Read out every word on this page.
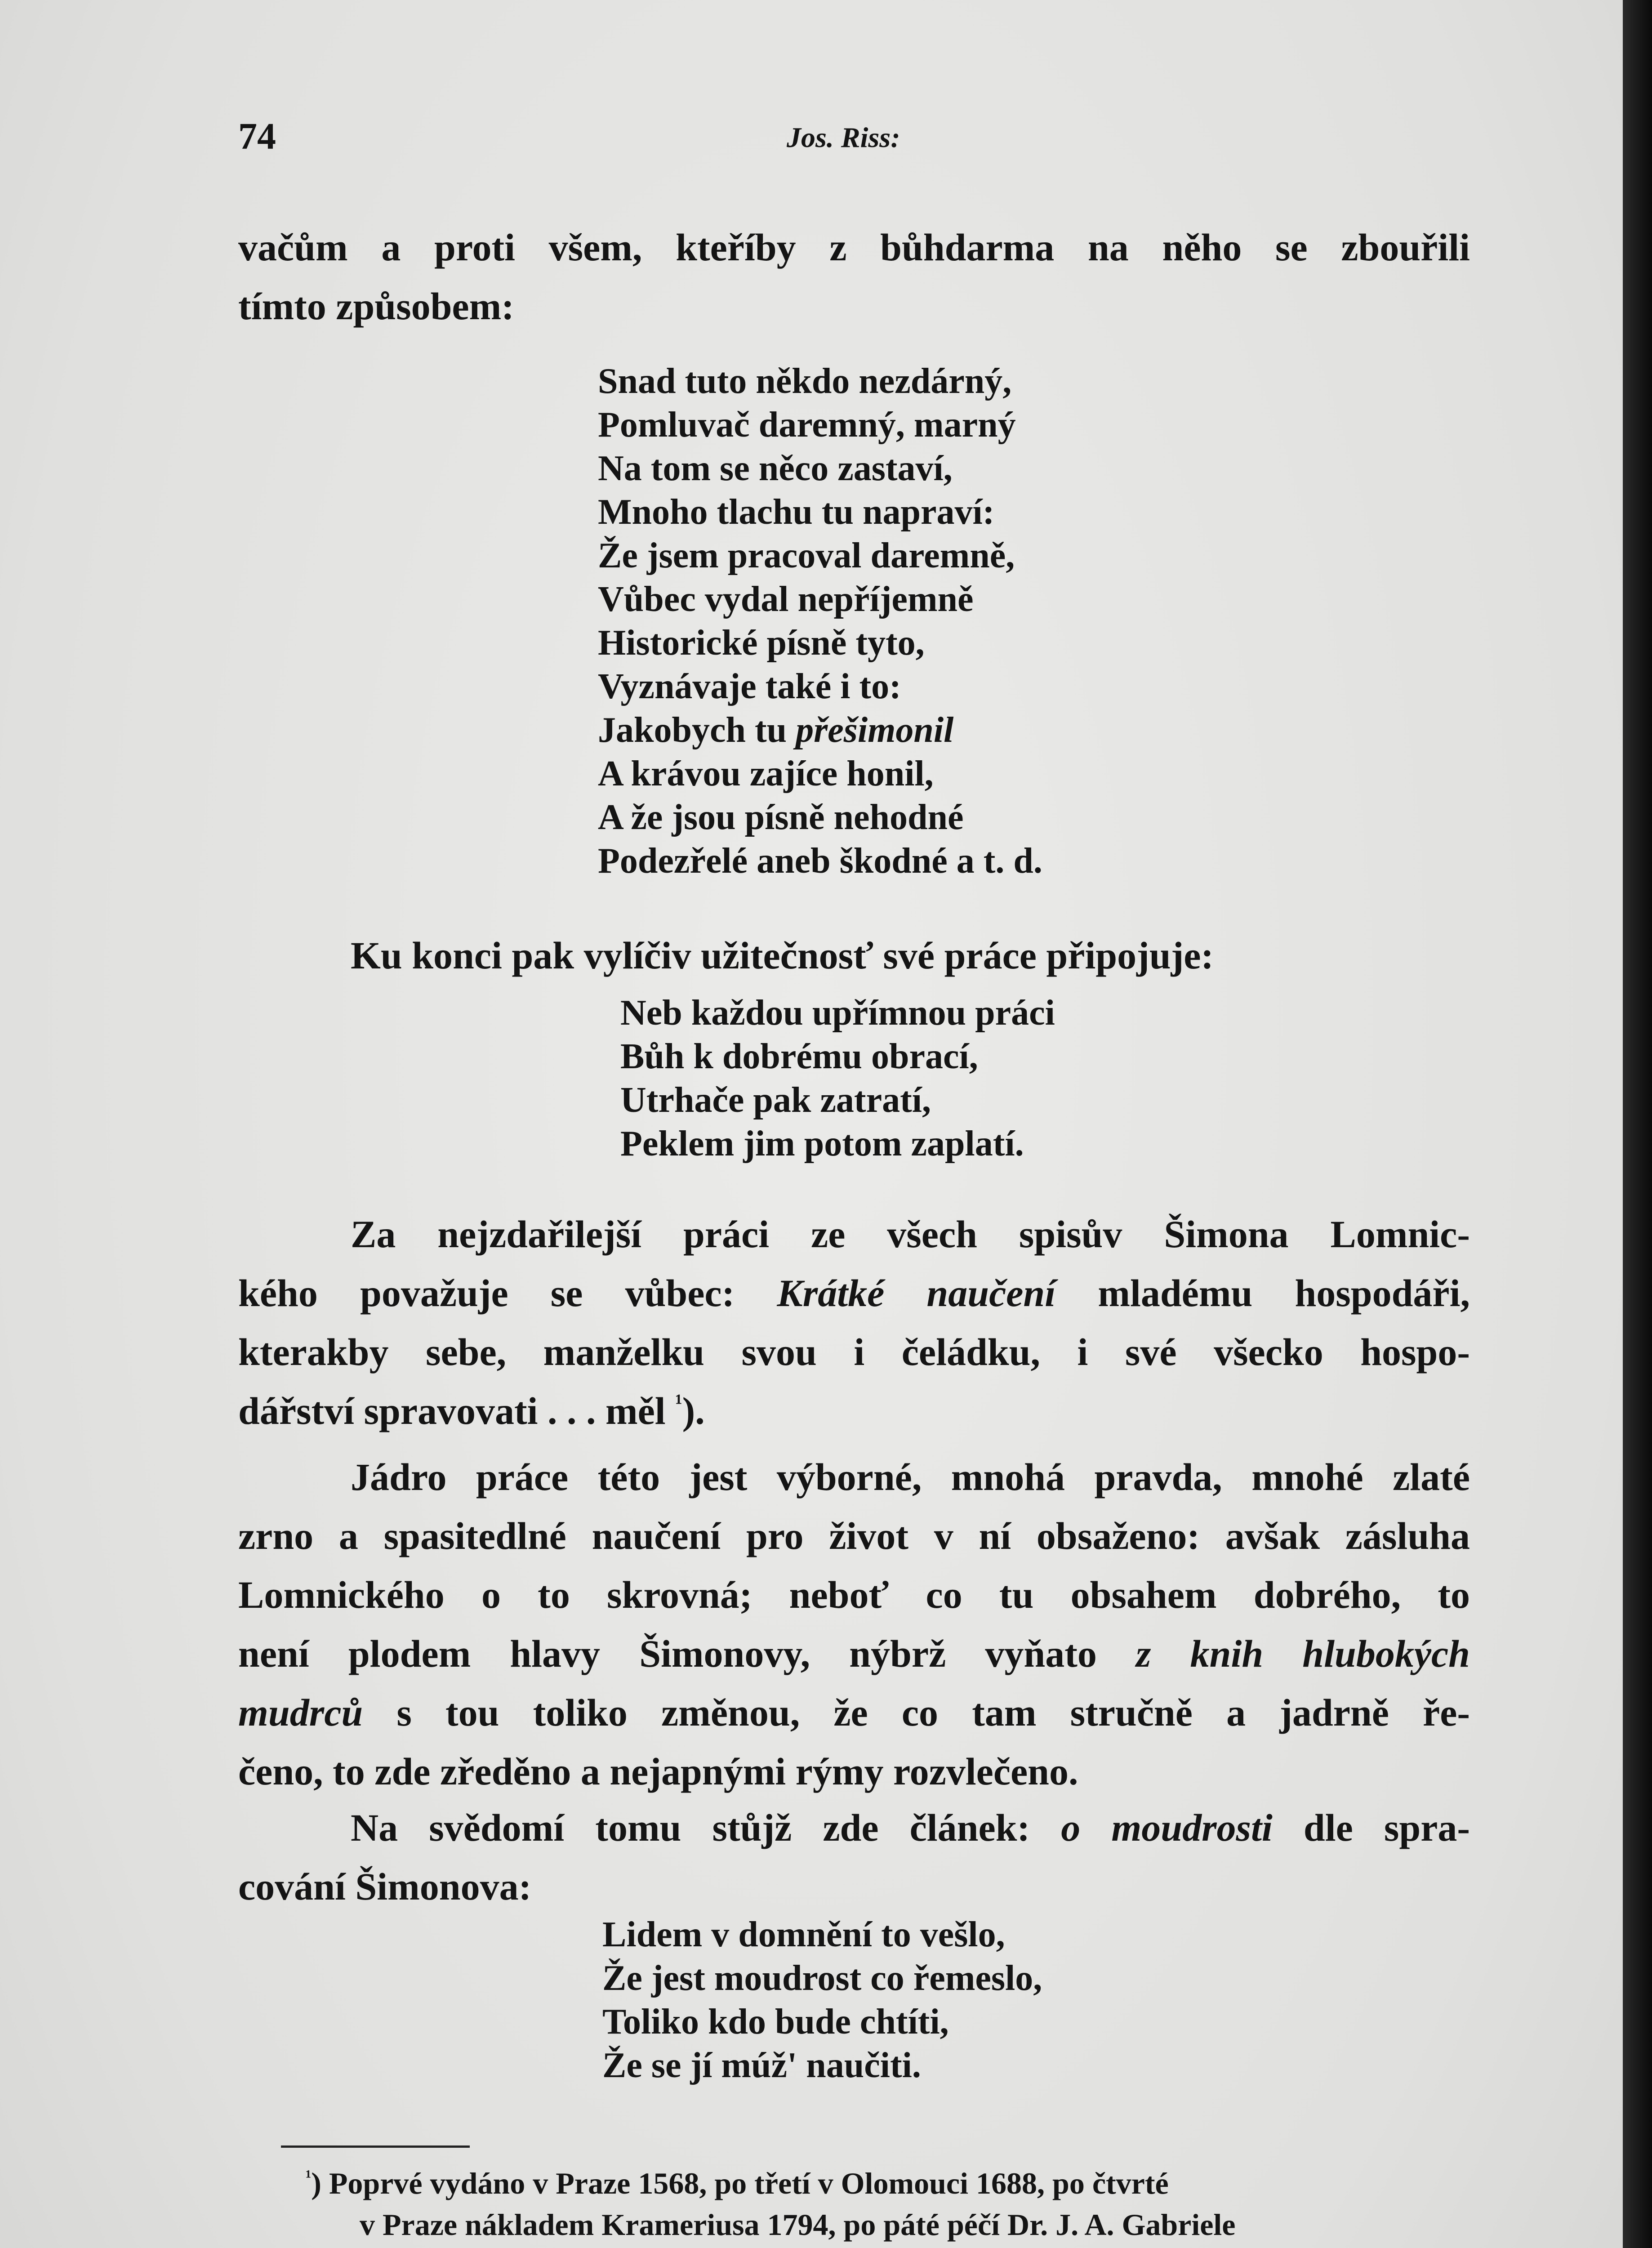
74	Jos. Riss:
vačům a proti všem, kteříby z bůhdarma na něho se zbouřili
tímto způsobem:
Snad tuto někdo nezdárný,
Pomluvač daremný, marný
Na tom se něco zastaví,
Mnoho tlachu tu napraví:
Že jsem pracoval daremně,
Vůbec vydal nepříjemně
Historické písně tyto,
Vyznávaje také i to:
Jakobych tu přešimonil
A krávou zajíce honil,
A že jsou písně nehodné
Podezřelé aneb škodné a t. d.
Ku konci pak vylíčiv užitečnosť své práce připojuje:
Neb každou upřímnou práci
Bůh k dobrému obrací,
Utrhače pak zatratí,
Peklem jim potom zaplatí.
Za nejzdařilejší práci ze všech spisův Šimona Lomnic-
kého považuje se vůbec: Krátké naučení mladému hospodáři,
kterakby sebe, manželku svou i čeládku, i své všecko hospo-
dářství spravovati . . . měl $^{^1}$).
Jádro práce této jest výborné, mnohá pravda, mnohé zlaté
zrno a spasitedlné naučení pro život v ní obsaženo: avšak zásluha
Lomnického o to skrovná; neboť co tu obsahem dobrého, to
není plodem hlavy Šimonovy, nýbrž vyňato z knih hlubokých
mudrců s tou toliko změnou, že co tam stručně a jadrně ře-
čeno, to zde zředěno a nejapnými rýmy rozvlečeno.
Na svědomí tomu stůjž zde článek: o moudrosti dle spra-
cování Šimonova:
Lidem v domnění to vešlo,
Že jest moudrost co řemeslo,
Toliko kdo bude chtíti,
Že se jí múž' naučiti.
$^{^1}$) Poprvé vydáno v Praze 1568, po třetí v Olomouci 1688, po čtvrté
v Praze nákladem Krameriusa 1794, po páté péčí Dr. J. A. Gabriele
